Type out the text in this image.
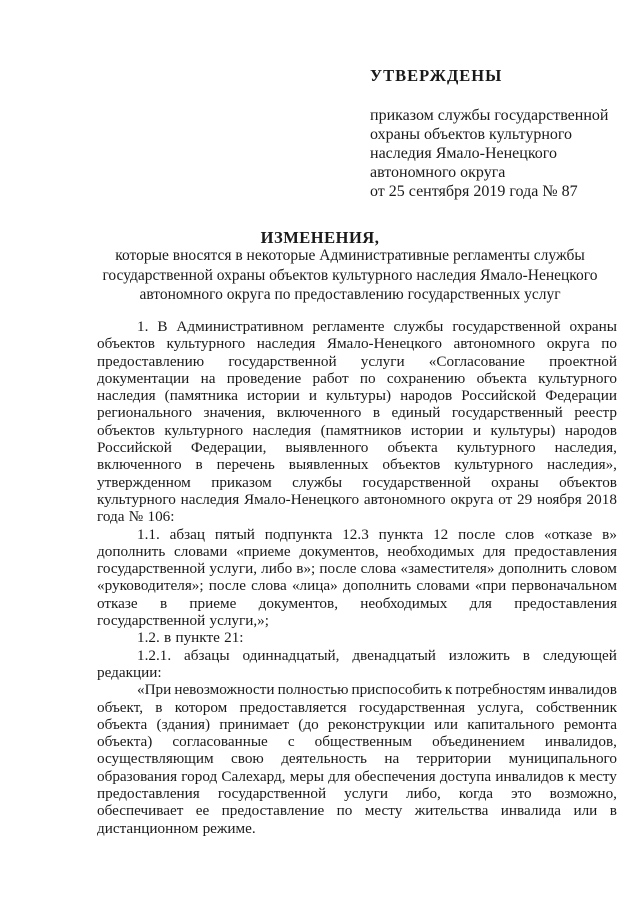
УТВЕРЖДЕНЫ
приказом службы государственной
охраны объектов культурного
наследия Ямало-Ненецкого
автономного округа
от 25 сентября 2019 года № 87
ИЗМЕНЕНИЯ,
которые вносятся в некоторые Административные регламенты службы
государственной охраны объектов культурного наследия Ямало-Ненецкого
автономного округа по предоставлению государственных услуг
1. В Административном регламенте службы государственной охраны
объектов культурного наследия Ямало-Ненецкого автономного округа по
предоставлению государственной услуги «Согласование проектной
документации на проведение работ по сохранению объекта культурного
наследия (памятника истории и культуры) народов Российской Федерации
регионального значения, включенного в единый государственный реестр
объектов культурного наследия (памятников истории и культуры) народов
Российской Федерации, выявленного объекта культурного наследия,
включенного в перечень выявленных объектов культурного наследия»,
утвержденном приказом службы государственной охраны объектов
культурного наследия Ямало-Ненецкого автономного округа от 29 ноября 2018
года № 106:
1.1. абзац пятый подпункта 12.3 пункта 12 после слов «отказе в»
дополнить словами «приеме документов, необходимых для предоставления
государственной услуги, либо в»; после слова «заместителя» дополнить словом
«руководителя»; после слова «лица» дополнить словами «при первоначальном
отказе в приеме документов, необходимых для предоставления
государственной услуги,»;
1.2. в пункте 21:
1.2.1. абзацы одиннадцатый, двенадцатый изложить в следующей
редакции:
«При невозможности полностью приспособить к потребностям инвалидов
объект, в котором предоставляется государственная услуга, собственник
объекта (здания) принимает (до реконструкции или капитального ремонта
объекта) согласованные с общественным объединением инвалидов,
осуществляющим свою деятельность на территории муниципального
образования город Салехард, меры для обеспечения доступа инвалидов к месту
предоставления государственной услуги либо, когда это возможно,
обеспечивает ее предоставление по месту жительства инвалида или в
дистанционном режиме.
